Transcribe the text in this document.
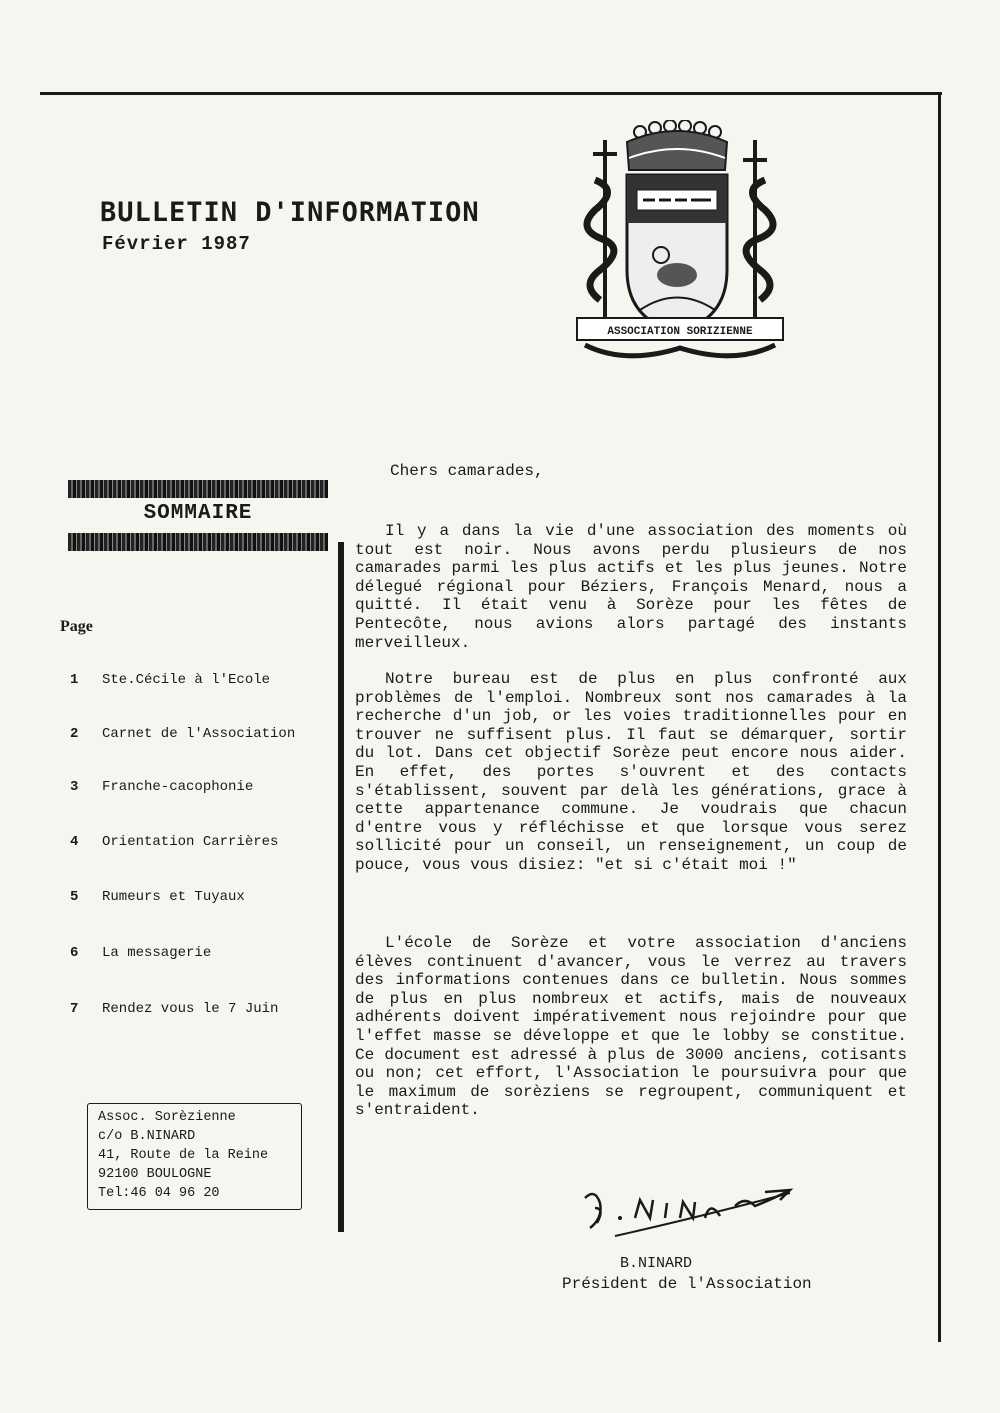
BULLETIN D'INFORMATION
Février 1987
ASSOCIATION SORIZIENNE
SOMMAIRE
Page
1 Ste.Cécile à l'Ecole
2 Carnet de l'Association
3 Franche-cacophonie
4 Orientation Carrières
5 Rumeurs et Tuyaux
6 La messagerie
7 Rendez vous le 7 Juin
Assoc. Sorèzienne
c/o B.NINARD
41, Route de la Reine
92100 BOULOGNE
Tel:46 04 96 20
Chers camarades,

Il y a dans la vie d'une association des moments où tout est noir. Nous avons perdu plusieurs de nos camarades parmi les plus actifs et les plus jeunes. Notre délegué régional pour Béziers, François Menard, nous a quitté. Il était venu à Sorèze pour les fêtes de Pentecôte, nous avions alors partagé des instants merveilleux.

Notre bureau est de plus en plus confronté aux problèmes de l'emploi. Nombreux sont nos camarades à la recherche d'un job, or les voies traditionnelles pour en trouver ne suffisent plus. Il faut se démarquer, sortir du lot. Dans cet objectif Sorèze peut encore nous aider. En effet, des portes s'ouvrent et des contacts s'établissent, souvent par delà les générations, grace à cette appartenance commune. Je voudrais que chacun d'entre vous y réfléchisse et que lorsque vous serez sollicité pour un conseil, un renseignement, un coup de pouce, vous vous disiez: "et si c'était moi !"

L'école de Sorèze et votre association d'anciens élèves continuent d'avancer, vous le verrez au travers des informations contenues dans ce bulletin. Nous sommes de plus en plus nombreux et actifs, mais de nouveaux adhérents doivent impérativement nous rejoindre pour que l'effet masse se développe et que le lobby se constitue. Ce document est adressé à plus de 3000 anciens, cotisants ou non; cet effort, l'Association le poursuivra pour que le maximum de sorèziens se regroupent, communiquent et s'entraident.

B.NINARD
Président de l'Association
